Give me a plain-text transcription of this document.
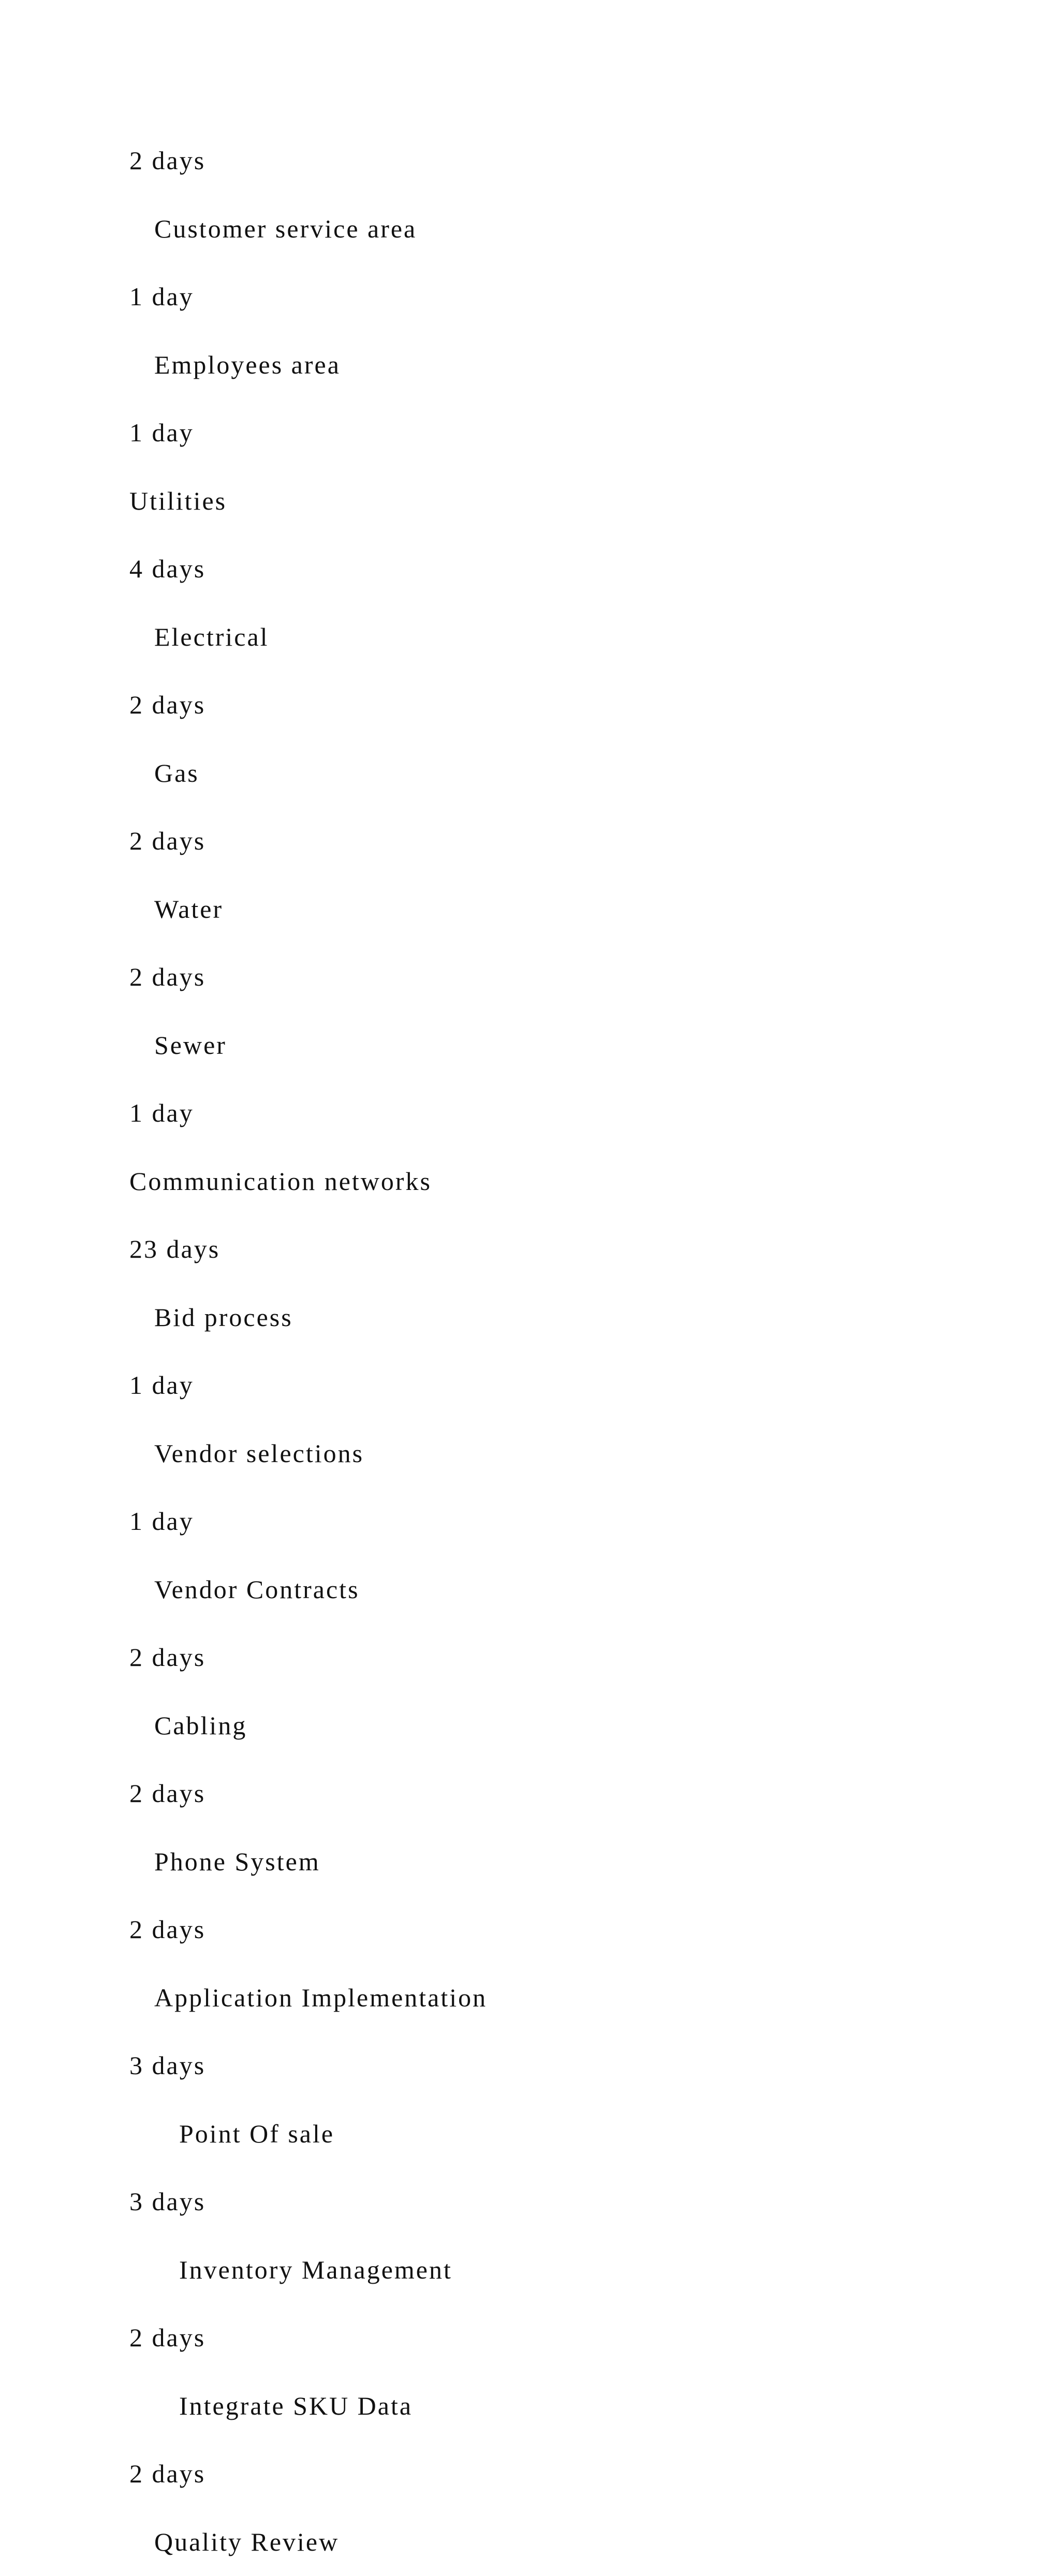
2 days
Customer service area
1 day
Employees area
1 day
Utilities
4 days
Electrical
2 days
Gas
2 days
Water
2 days
Sewer
1 day
Communication networks
23 days
Bid process
1 day
Vendor selections
1 day
Vendor Contracts
2 days
Cabling
2 days
Phone System
2 days
Application Implementation
3 days
Point Of sale
3 days
Inventory Management
2 days
Integrate SKU Data
2 days
Quality Review
